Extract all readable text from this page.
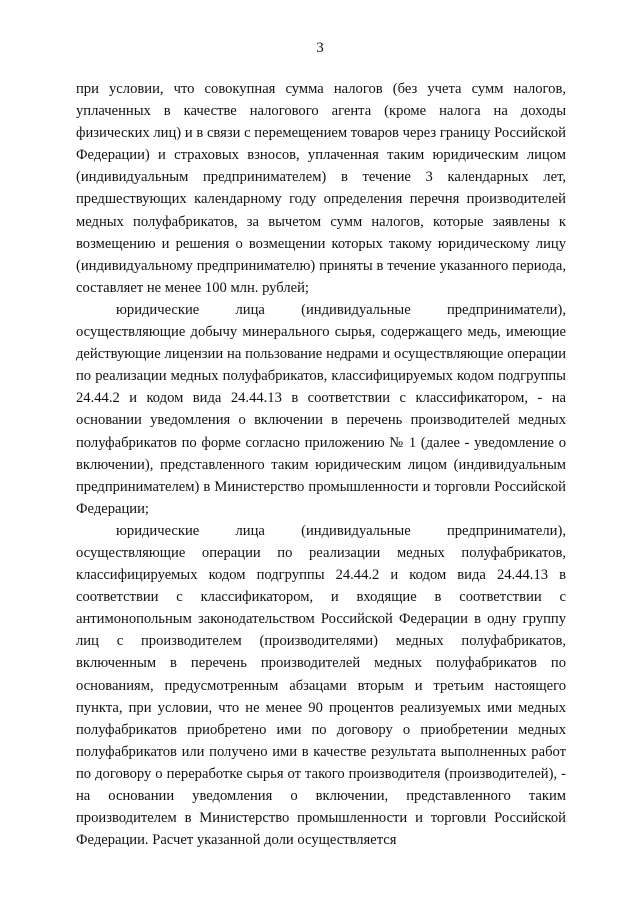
3

при условии, что совокупная сумма налогов (без учета сумм налогов, уплаченных в качестве налогового агента (кроме налога на доходы физических лиц) и в связи с перемещением товаров через границу Российской Федерации) и страховых взносов, уплаченная таким юридическим лицом (индивидуальным предпринимателем) в течение 3 календарных лет, предшествующих календарному году определения перечня производителей медных полуфабрикатов, за вычетом сумм налогов, которые заявлены к возмещению и решения о возмещении которых такому юридическому лицу (индивидуальному предпринимателю) приняты в течение указанного периода, составляет не менее 100 млн. рублей;

юридические лица (индивидуальные предприниматели), осуществляющие добычу минерального сырья, содержащего медь, имеющие действующие лицензии на пользование недрами и осуществляющие операции по реализации медных полуфабрикатов, классифицируемых кодом подгруппы 24.44.2 и кодом вида 24.44.13 в соответствии с классификатором, - на основании уведомления о включении в перечень производителей медных полуфабрикатов по форме согласно приложению № 1 (далее - уведомление о включении), представленного таким юридическим лицом (индивидуальным предпринимателем) в Министерство промышленности и торговли Российской Федерации;

юридические лица (индивидуальные предприниматели), осуществляющие операции по реализации медных полуфабрикатов, классифицируемых кодом подгруппы 24.44.2 и кодом вида 24.44.13 в соответствии с классификатором, и входящие в соответствии с антимонопольным законодательством Российской Федерации в одну группу лиц с производителем (производителями) медных полуфабрикатов, включенным в перечень производителей медных полуфабрикатов по основаниям, предусмотренным абзацами вторым и третьим настоящего пункта, при условии, что не менее 90 процентов реализуемых ими медных полуфабрикатов приобретено ими по договору о приобретении медных полуфабрикатов или получено ими в качестве результата выполненных работ по договору о переработке сырья от такого производителя (производителей), - на основании уведомления о включении, представленного таким производителем в Министерство промышленности и торговли Российской Федерации. Расчет указанной доли осуществляется
